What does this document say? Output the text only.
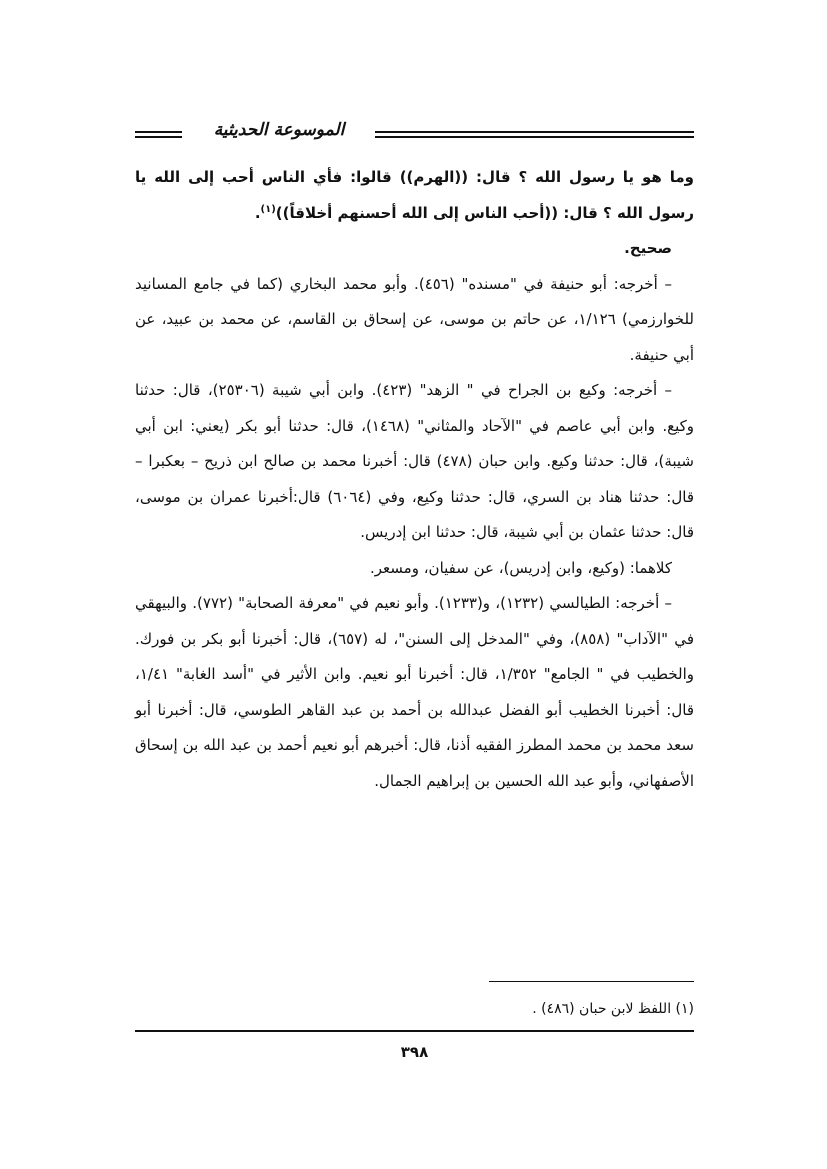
الموسوعة الحديثية

وما هو يا رسول الله ؟ قال: ((الهرم)) قالوا: فأي الناس أحب إلى الله يا رسول الله ؟ قال: ((أحب الناس إلى الله أحسنهم أخلاقاً))$^{(١)}$.

صحيح.

– أخرجه: أبو حنيفة في "مسنده" (٤٥٦). وأبو محمد البخاري (كما في جامع المسانيد للخوارزمي) ١/١٢٦، عن حاتم بن موسى، عن إسحاق بن القاسم، عن محمد بن عبيد، عن أبي حنيفة.

– أخرجه: وكيع بن الجراح في " الزهد" (٤٢٣). وابن أبي شيبة (٢٥٣٠٦)، قال: حدثنا وكيع. وابن أبي عاصم في "الآحاد والمثاني" (١٤٦٨)، قال: حدثنا أبو بكر (يعني: ابن أبي شيبة)، قال: حدثنا وكيع. وابن حبان (٤٧٨) قال: أخبرنا محمد بن صالح ابن ذريح – بعكبرا – قال: حدثنا هناد بن السري، قال: حدثنا وكيع، وفي (٦٠٦٤) قال:أخبرنا عمران بن موسى، قال: حدثنا عثمان بن أبي شيبة، قال: حدثنا ابن إدريس.

كلاهما: (وكيع، وابن إدريس)، عن سفيان، ومسعر.

– أخرجه: الطيالسي (١٢٣٢)، و(١٢٣٣). وأبو نعيم في "معرفة الصحابة" (٧٧٢). والبيهقي في "الآداب" (٨٥٨)، وفي "المدخل إلى السنن"، له (٦٥٧)، قال: أخبرنا أبو بكر بن فورك. والخطيب في " الجامع" ١/٣٥٢، قال: أخبرنا أبو نعيم. وابن الأثير في "أسد الغابة" ١/٤١، قال: أخبرنا الخطيب أبو الفضل عبدالله بن أحمد بن عبد القاهر الطوسي، قال: أخبرنا أبو سعد محمد بن محمد المطرز الفقيه أذنا، قال: أخبرهم أبو نعيم أحمد بن عبد الله بن إسحاق الأصفهاني، وأبو عبد الله الحسين بن إبراهيم الجمال.

(١) اللفظ لابن حبان (٤٨٦) .
٣٩٨
